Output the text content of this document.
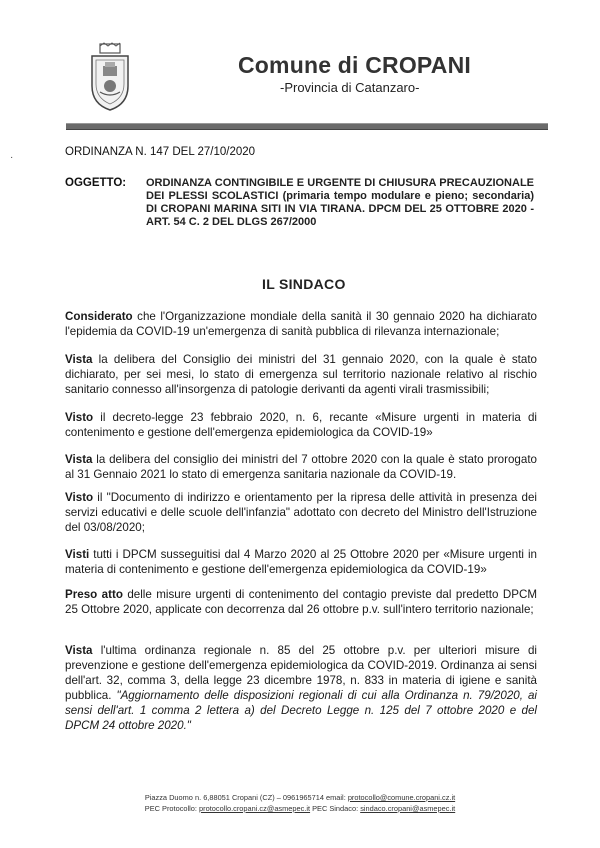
Comune di CROPANI
-Provincia di Catanzaro-
·	ORDINANZA N. 147 DEL 27/10/2020
OGGETTO: ORDINANZA CONTINGIBILE E URGENTE DI CHIUSURA PRECAUZIONALE DEI PLESSI SCOLASTICI (primaria tempo modulare e pieno; secondaria) DI CROPANI MARINA SITI IN VIA TIRANA. DPCM DEL 25 OTTOBRE 2020 - ART. 54 C. 2 DEL DLGS 267/2000
IL SINDACO
Considerato che l'Organizzazione mondiale della sanità il 30 gennaio 2020 ha dichiarato l'epidemia da COVID-19 un'emergenza di sanità pubblica di rilevanza internazionale;
Vista la delibera del Consiglio dei ministri del 31 gennaio 2020, con la quale è stato dichiarato, per sei mesi, lo stato di emergenza sul territorio nazionale relativo al rischio sanitario connesso all'insorgenza di patologie derivanti da agenti virali trasmissibili;
Visto il decreto-legge 23 febbraio 2020, n. 6, recante «Misure urgenti in materia di contenimento e gestione dell'emergenza epidemiologica da COVID-19»
Vista la delibera del consiglio dei ministri del 7 ottobre 2020 con la quale è stato prorogato al 31 Gennaio 2021 lo stato di emergenza sanitaria nazionale da COVID-19.
Visto il "Documento di indirizzo e orientamento per la ripresa delle attività in presenza dei servizi educativi e delle scuole dell'infanzia" adottato con decreto del Ministro dell'Istruzione del 03/08/2020;
Visti tutti i DPCM susseguitisi dal 4 Marzo 2020 al 25 Ottobre 2020 per «Misure urgenti in materia di contenimento e gestione dell'emergenza epidemiologica da COVID-19»
Preso atto delle misure urgenti di contenimento del contagio previste dal predetto DPCM 25 Ottobre 2020, applicate con decorrenza dal 26 ottobre p.v. sull'intero territorio nazionale;
Vista l'ultima ordinanza regionale n. 85 del 25 ottobre p.v. per ulteriori misure di prevenzione e gestione dell'emergenza epidemiologica da COVID-2019. Ordinanza ai sensi dell'art. 32, comma 3, della legge 23 dicembre 1978, n. 833 in materia di igiene e sanità pubblica. "Aggiornamento delle disposizioni regionali di cui alla Ordinanza n. 79/2020, ai sensi dell'art. 1 comma 2 lettera a) del Decreto Legge n. 125 del 7 ottobre 2020 e del DPCM 24 ottobre 2020."
Piazza Duomo n. 6,88051 Cropani (CZ) – 0961965714 email: protocollo@comune.cropani.cz.it
PEC Protocollo: protocollo.cropani.cz@asmepec.it PEC Sindaco: sindaco.cropani@asmepec.it
